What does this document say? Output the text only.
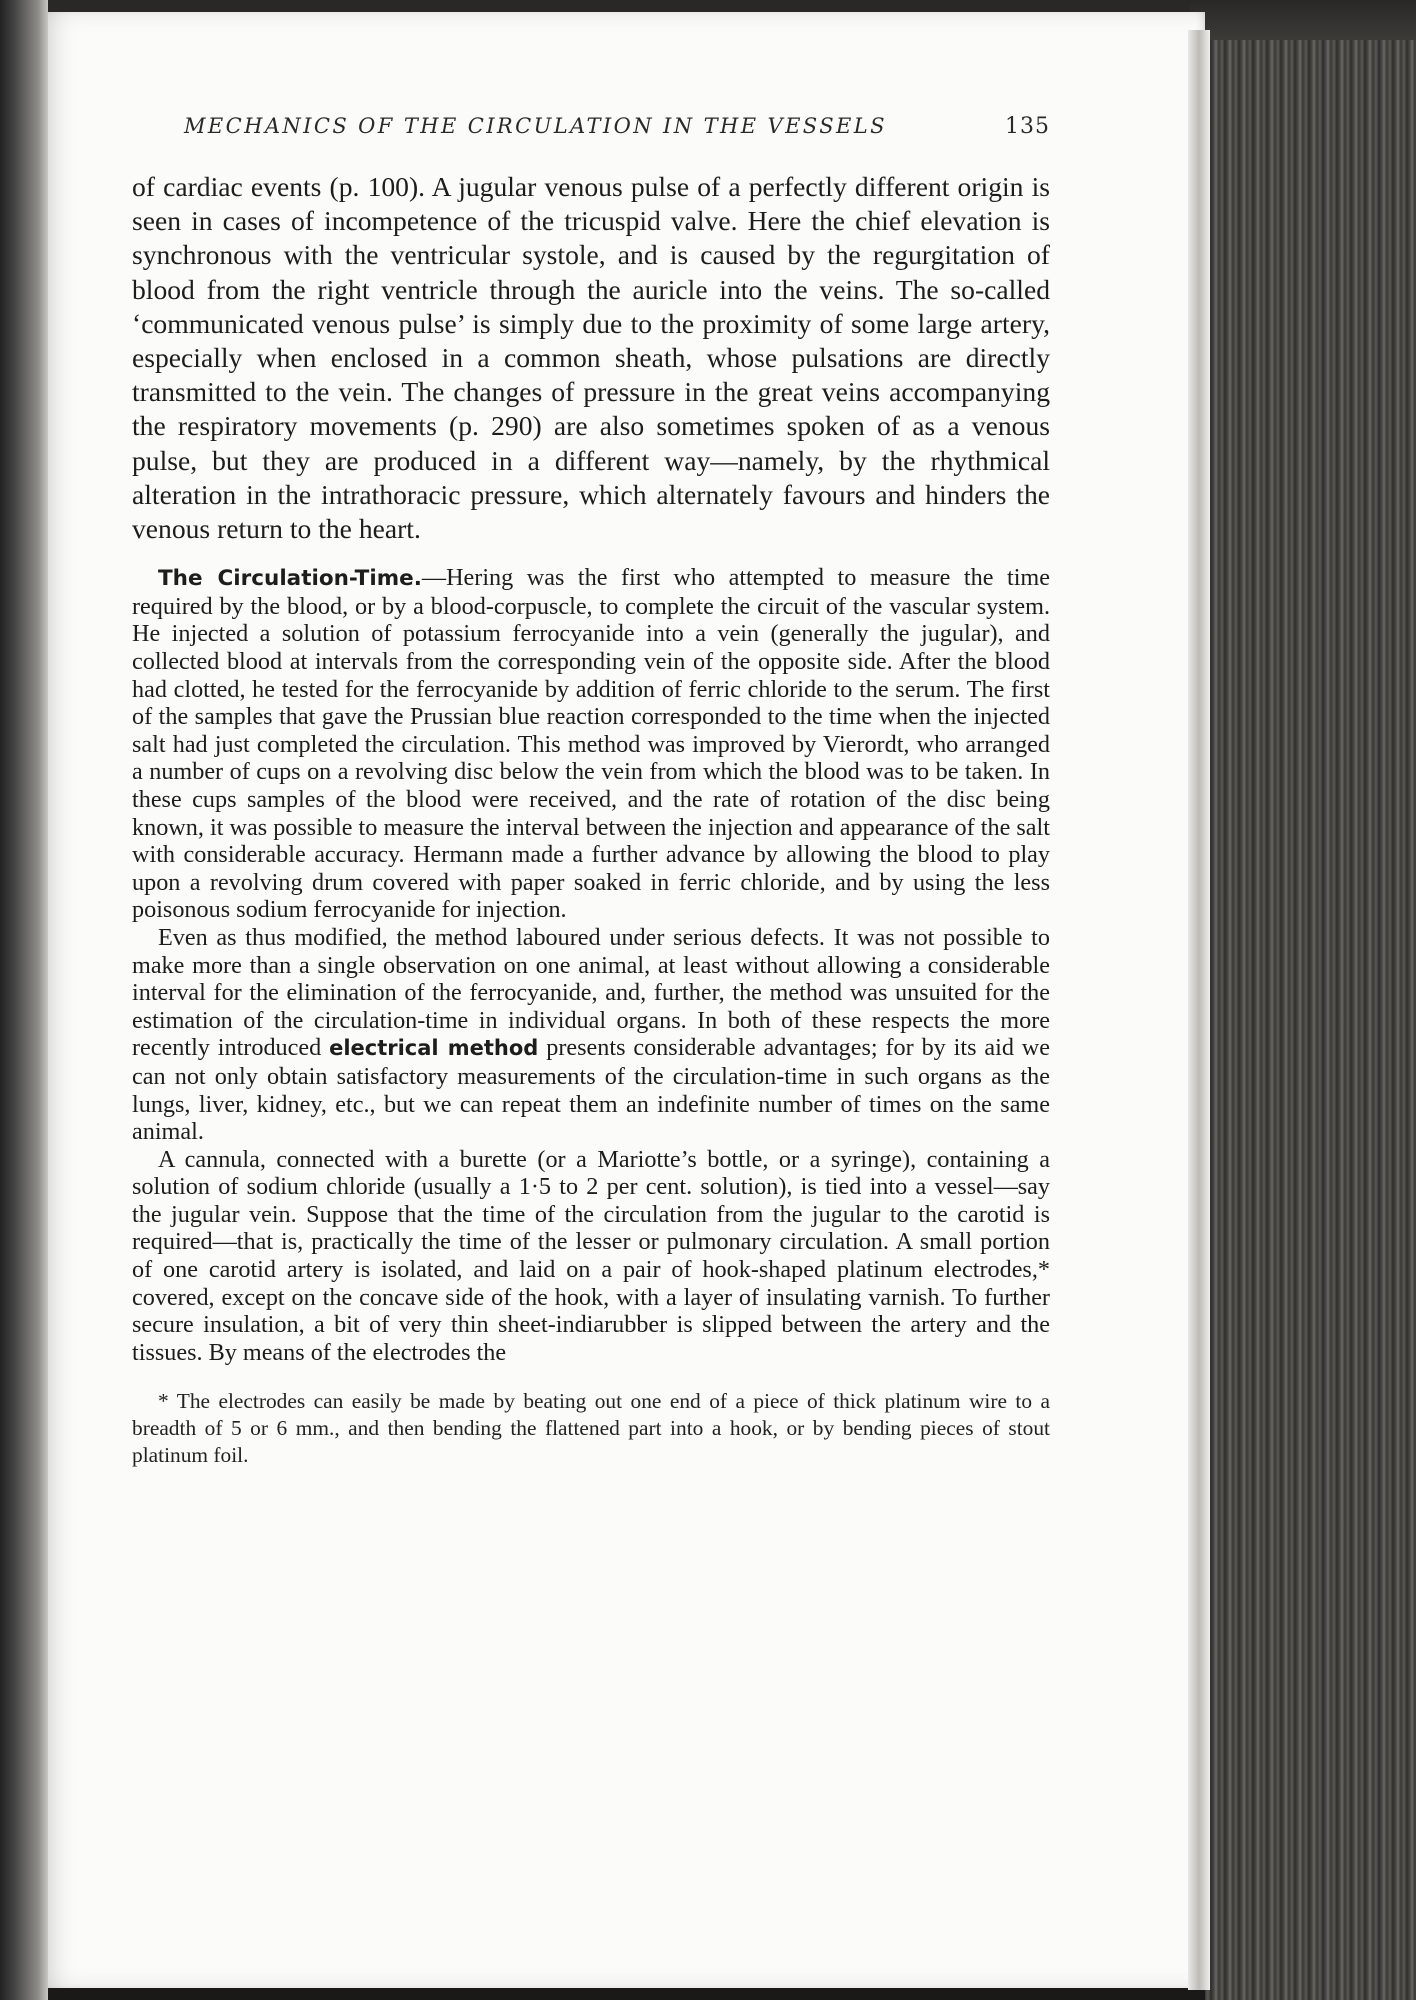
MECHANICS OF THE CIRCULATION IN THE VESSELS	135

of cardiac events (p. 100). A jugular venous pulse of a perfectly different origin is seen in cases of incompetence of the tricuspid valve. Here the chief elevation is synchronous with the ventricular systole, and is caused by the regurgitation of blood from the right ventricle through the auricle into the veins. The so-called ‘communicated venous pulse’ is simply due to the proximity of some large artery, especially when enclosed in a common sheath, whose pulsations are directly transmitted to the vein. The changes of pressure in the great veins accompanying the respiratory movements (p. 290) are also sometimes spoken of as a venous pulse, but they are produced in a different way—namely, by the rhythmical alteration in the intrathoracic pressure, which alternately favours and hinders the venous return to the heart.

The Circulation-Time.—Hering was the first who attempted to measure the time required by the blood, or by a blood-corpuscle, to complete the circuit of the vascular system. He injected a solution of potassium ferrocyanide into a vein (generally the jugular), and collected blood at intervals from the corresponding vein of the opposite side. After the blood had clotted, he tested for the ferrocyanide by addition of ferric chloride to the serum. The first of the samples that gave the Prussian blue reaction corresponded to the time when the injected salt had just completed the circulation. This method was improved by Vierordt, who arranged a number of cups on a revolving disc below the vein from which the blood was to be taken. In these cups samples of the blood were received, and the rate of rotation of the disc being known, it was possible to measure the interval between the injection and appearance of the salt with considerable accuracy. Hermann made a further advance by allowing the blood to play upon a revolving drum covered with paper soaked in ferric chloride, and by using the less poisonous sodium ferrocyanide for injection.

Even as thus modified, the method laboured under serious defects. It was not possible to make more than a single observation on one animal, at least without allowing a considerable interval for the elimination of the ferrocyanide, and, further, the method was unsuited for the estimation of the circulation-time in individual organs. In both of these respects the more recently introduced electrical method presents considerable advantages; for by its aid we can not only obtain satisfactory measurements of the circulation-time in such organs as the lungs, liver, kidney, etc., but we can repeat them an indefinite number of times on the same animal.

A cannula, connected with a burette (or a Mariotte’s bottle, or a syringe), containing a solution of sodium chloride (usually a 1·5 to 2 per cent. solution), is tied into a vessel—say the jugular vein. Suppose that the time of the circulation from the jugular to the carotid is required—that is, practically the time of the lesser or pulmonary circulation. A small portion of one carotid artery is isolated, and laid on a pair of hook-shaped platinum electrodes,* covered, except on the concave side of the hook, with a layer of insulating varnish. To further secure insulation, a bit of very thin sheet-indiarubber is slipped between the artery and the tissues. By means of the electrodes the

* The electrodes can easily be made by beating out one end of a piece of thick platinum wire to a breadth of 5 or 6 mm., and then bending the flattened part into a hook, or by bending pieces of stout platinum foil.
